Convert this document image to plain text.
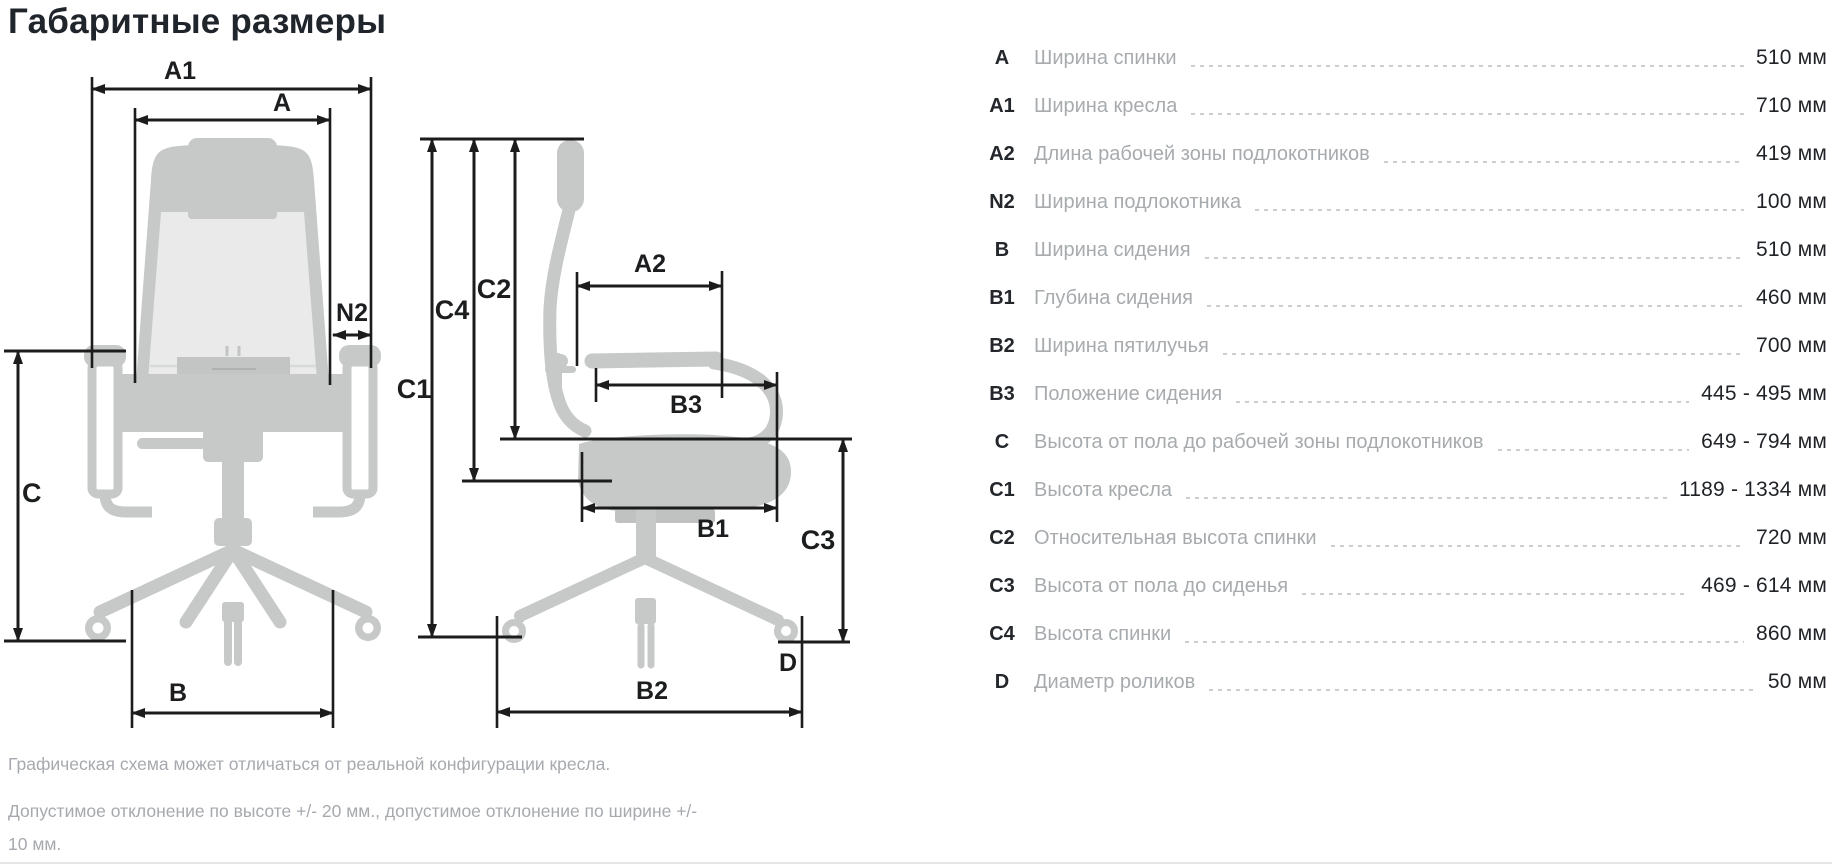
Габаритные размеры
A1
A
N2
C
B
C1
C4
C2
A2
B3
B1	C3
D
B2
A	Ширина спинки	510 мм
A1 Ширина кресла	710 мм
A2 Длина рабочей зоны подлокотников	419 мм
N2 Ширина подлокотника	100 мм
B	Ширина сидения	510 мм
B1 Глубина сидения	460 мм
B2 Ширина пятилучья	700 мм
B3 Положение сидения	445 - 495 мм
C	Высота от пола до рабочей зоны подлокотников	649 - 794 мм
C1 Высота кресла	1189 - 1334 мм
C2 Относительная высота спинки	720 мм
C3 Высота от пола до сиденья	469 - 614 мм
C4 Высота спинки	860 мм
D	Диаметр роликов	50 мм

Графическая схема может отличаться от реальной конфигурации кресла.

Допустимое отклонение по высоте +/- 20 мм., допустимое отклонение по ширине +/- 10 мм.
